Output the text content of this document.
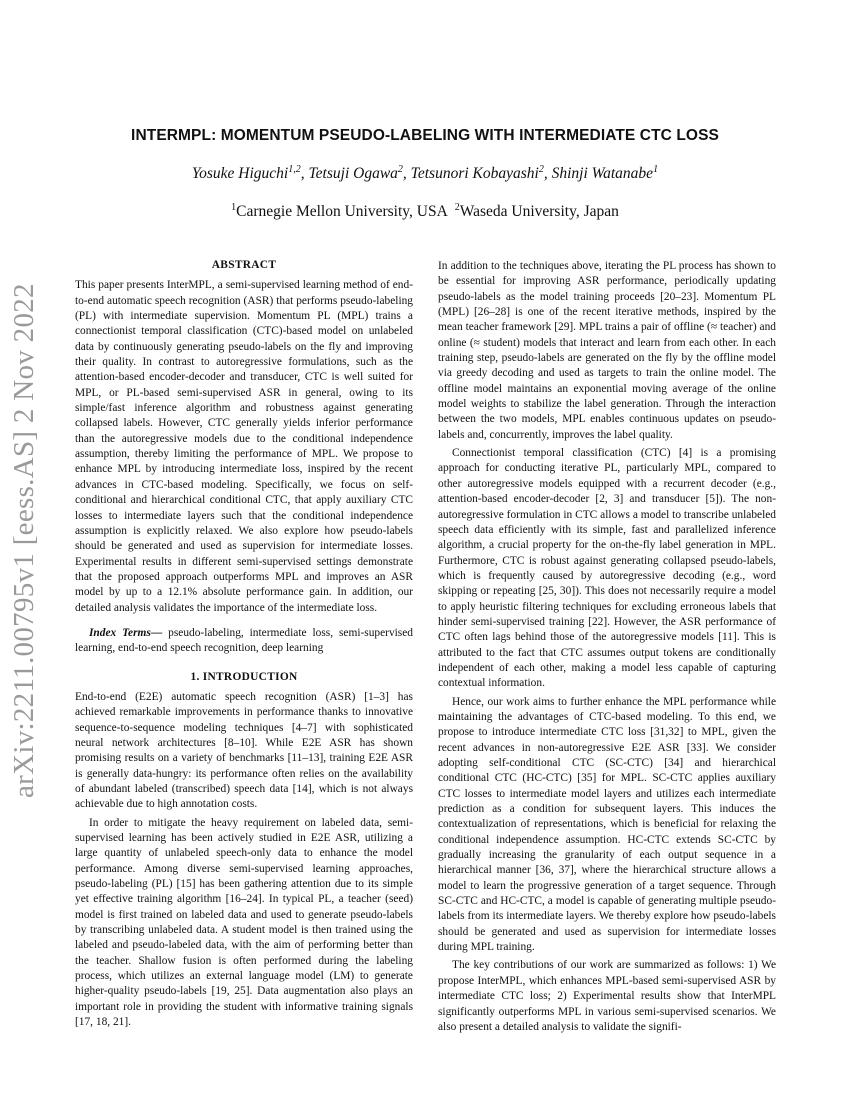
arXiv:2211.00795v1 [eess.AS] 2 Nov 2022
INTERMPL: MOMENTUM PSEUDO-LABELING WITH INTERMEDIATE CTC LOSS
Yosuke Higuchi$^{1,2}$, Tetsuji Ogawa$^2$, Tetsunori Kobayashi$^2$, Shinji Watanabe$^1$
$^1$Carnegie Mellon University, USA $^2$Waseda University, Japan
ABSTRACT

This paper presents InterMPL, a semi-supervised learning method of end-to-end automatic speech recognition (ASR) that performs pseudo-labeling (PL) with intermediate supervision. Momentum PL (MPL) trains a connectionist temporal classification (CTC)-based model on unlabeled data by continuously generating pseudo-labels on the fly and improving their quality. In contrast to autoregressive formulations, such as the attention-based encoder-decoder and transducer, CTC is well suited for MPL, or PL-based semi-supervised ASR in general, owing to its simple/fast inference algorithm and robustness against generating collapsed labels. However, CTC generally yields inferior performance than the autoregressive models due to the conditional independence assumption, thereby limiting the performance of MPL. We propose to enhance MPL by introducing intermediate loss, inspired by the recent advances in CTC-based modeling. Specifically, we focus on self-conditional and hierarchical conditional CTC, that apply auxiliary CTC losses to intermediate layers such that the conditional independence assumption is explicitly relaxed. We also explore how pseudo-labels should be generated and used as supervision for intermediate losses. Experimental results in different semi-supervised settings demonstrate that the proposed approach outperforms MPL and improves an ASR model by up to a 12.1% absolute performance gain. In addition, our detailed analysis validates the importance of the intermediate loss.

Index Terms— pseudo-labeling, intermediate loss, semi-supervised learning, end-to-end speech recognition, deep learning

1. INTRODUCTION

End-to-end (E2E) automatic speech recognition (ASR) [1–3] has achieved remarkable improvements in performance thanks to innovative sequence-to-sequence modeling techniques [4–7] with sophisticated neural network architectures [8–10]. While E2E ASR has shown promising results on a variety of benchmarks [11–13], training E2E ASR is generally data-hungry: its performance often relies on the availability of abundant labeled (transcribed) speech data [14], which is not always achievable due to high annotation costs.

In order to mitigate the heavy requirement on labeled data, semi-supervised learning has been actively studied in E2E ASR, utilizing a large quantity of unlabeled speech-only data to enhance the model performance. Among diverse semi-supervised learning approaches, pseudo-labeling (PL) [15] has been gathering attention due to its simple yet effective training algorithm [16–24]. In typical PL, a teacher (seed) model is first trained on labeled data and used to generate pseudo-labels by transcribing unlabeled data. A student model is then trained using the labeled and pseudo-labeled data, with the aim of performing better than the teacher. Shallow fusion is often performed during the labeling process, which utilizes an external language model (LM) to generate higher-quality pseudo-labels [19, 25]. Data augmentation also plays an important role in providing the student with informative training signals [17, 18, 21].

In addition to the techniques above, iterating the PL process has shown to be essential for improving ASR performance, periodically updating pseudo-labels as the model training proceeds [20–23]. Momentum PL (MPL) [26–28] is one of the recent iterative methods, inspired by the mean teacher framework [29]. MPL trains a pair of offline (≈ teacher) and online (≈ student) models that interact and learn from each other. In each training step, pseudo-labels are generated on the fly by the offline model via greedy decoding and used as targets to train the online model. The offline model maintains an exponential moving average of the online model weights to stabilize the label generation. Through the interaction between the two models, MPL enables continuous updates on pseudo-labels and, concurrently, improves the label quality.

Connectionist temporal classification (CTC) [4] is a promising approach for conducting iterative PL, particularly MPL, compared to other autoregressive models equipped with a recurrent decoder (e.g., attention-based encoder-decoder [2, 3] and transducer [5]). The non-autoregressive formulation in CTC allows a model to transcribe unlabeled speech data efficiently with its simple, fast and parallelized inference algorithm, a crucial property for the on-the-fly label generation in MPL. Furthermore, CTC is robust against generating collapsed pseudo-labels, which is frequently caused by autoregressive decoding (e.g., word skipping or repeating [25, 30]). This does not necessarily require a model to apply heuristic filtering techniques for excluding erroneous labels that hinder semi-supervised training [22]. However, the ASR performance of CTC often lags behind those of the autoregressive models [11]. This is attributed to the fact that CTC assumes output tokens are conditionally independent of each other, making a model less capable of capturing contextual information.

Hence, our work aims to further enhance the MPL performance while maintaining the advantages of CTC-based modeling. To this end, we propose to introduce intermediate CTC loss [31,32] to MPL, given the recent advances in non-autoregressive E2E ASR [33]. We consider adopting self-conditional CTC (SC-CTC) [34] and hierarchical conditional CTC (HC-CTC) [35] for MPL. SC-CTC applies auxiliary CTC losses to intermediate model layers and utilizes each intermediate prediction as a condition for subsequent layers. This induces the contextualization of representations, which is beneficial for relaxing the conditional independence assumption. HC-CTC extends SC-CTC by gradually increasing the granularity of each output sequence in a hierarchical manner [36, 37], where the hierarchical structure allows a model to learn the progressive generation of a target sequence. Through SC-CTC and HC-CTC, a model is capable of generating multiple pseudo-labels from its intermediate layers. We thereby explore how pseudo-labels should be generated and used as supervision for intermediate losses during MPL training.

The key contributions of our work are summarized as follows: 1) We propose InterMPL, which enhances MPL-based semi-supervised ASR by intermediate CTC loss; 2) Experimental results show that InterMPL significantly outperforms MPL in various semi-supervised scenarios. We also present a detailed analysis to validate the signifi-
